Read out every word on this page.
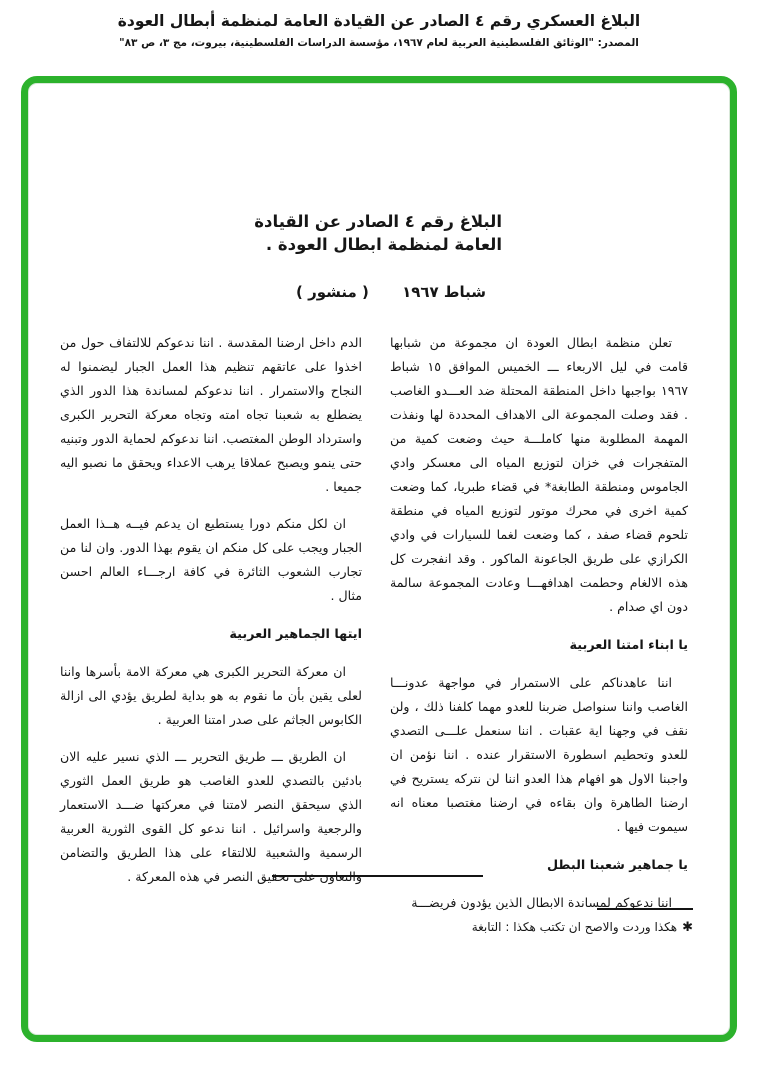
البلاغ العسكري رقم ٤ الصادر عن القيادة العامة لمنظمة أبطال العودة
المصدر: "الوثائق الفلسطينية العربية لعام ١٩٦٧، مؤسسة الدراسات الفلسطينية، بيروت، مج ٣، ص ٨٣"
البلاغ رقم ٤ الصادر عن القيادة
العامة لمنظمة ابطال العودة .
شباط ١٩٦٧
( منشور )

تعلن منظمة ابطال العودة ان مجموعة من شبابها قامت في ليل الاربعاء ـــ الخميس الموافق ١٥ شباط ١٩٦٧ بواجبها داخل المنطقة المحتلة ضد العـــدو الغاصب . فقد وصلت المجموعة الى الاهداف المحددة لها ونفذت المهمة المطلوبة منها كاملـــة حيث وضعت كمية من المتفجرات في خزان لتوزيع المياه الى معسكر وادي الجاموس ومنطقة الطابغة* في قضاء طبريا، كما وضعت كمية اخرى في محرك موتور لتوزيع المياه في منطقة تلحوم قضاء صفد ، كما وضعت لغما للسيارات في وادي الكرازي على طريق الجاعونة الماكور . وقد انفجرت كل هذه الالغام وحطمت اهدافهـــا وعادت المجموعة سالمة دون اي صدام .

يا ابناء امتنا العربية

اننا عاهدناكم على الاستمرار في مواجهة عدونـــا الغاصب واننا سنواصل ضربنا للعدو مهما كلفنا ذلك ، ولن نقف في وجهنا اية عقبات . اننا سنعمل علـــى التصدي للعدو وتحطيم اسطورة الاستقرار عنده . اننا نؤمن ان واجبنا الاول هو افهام هذا العدو اننا لن نتركه يستريح في ارضنا الطاهرة وان بقاءه في ارضنا مغتصبا معناه انه سيموت فيها .

يا جماهير شعبنا البطل

اننا ندعوكم لمساندة الابطال الذين يؤدون فريضـــة

الدم داخل ارضنا المقدسة . اننا ندعوكم للالتفاف حول من اخذوا على عاتقهم تنظيم هذا العمل الجبار ليضمنوا له النجاح والاستمرار . اننا ندعوكم لمساندة هذا الدور الذي يضطلع به شعبنا تجاه امته وتجاه معركة التحرير الكبرى واسترداد الوطن المغتصب. اننا ندعوكم لحماية الدور وتبنيه حتى ينمو ويصبح عملاقا يرهب الاعداء ويحقق ما نصبو اليه جميعا .

ان لكل منكم دورا يستطيع ان يدعم فيــه هــذا العمل الجبار ويجب على كل منكم ان يقوم بهذا الدور. وان لنا من تجارب الشعوب الثائرة في كافة ارجـــاء العالم احسن مثال .

ايتها الجماهير العربية

ان معركة التحرير الكبرى هي معركة الامة بأسرها واننا لعلى يقين بأن ما نقوم به هو بداية لطريق يؤدي الى ازالة الكابوس الجاثم على صدر امتنا العربية .

ان الطريق ـــ طريق التحرير ـــ الذي نسير عليه الان بادئين بالتصدي للعدو الغاصب هو طريق العمل الثوري الذي سيحقق النصر لامتنا في معركتها ضـــد الاستعمار والرجعية واسرائيل . اننا ندعو كل القوى الثورية العربية الرسمية والشعبية للالتقاء على هذا الطريق والتضامن والتعاون على تحقيق النصر في هذه المعركة .

✱هكذا وردت والاصح ان تكتب هكذا : التابغة
